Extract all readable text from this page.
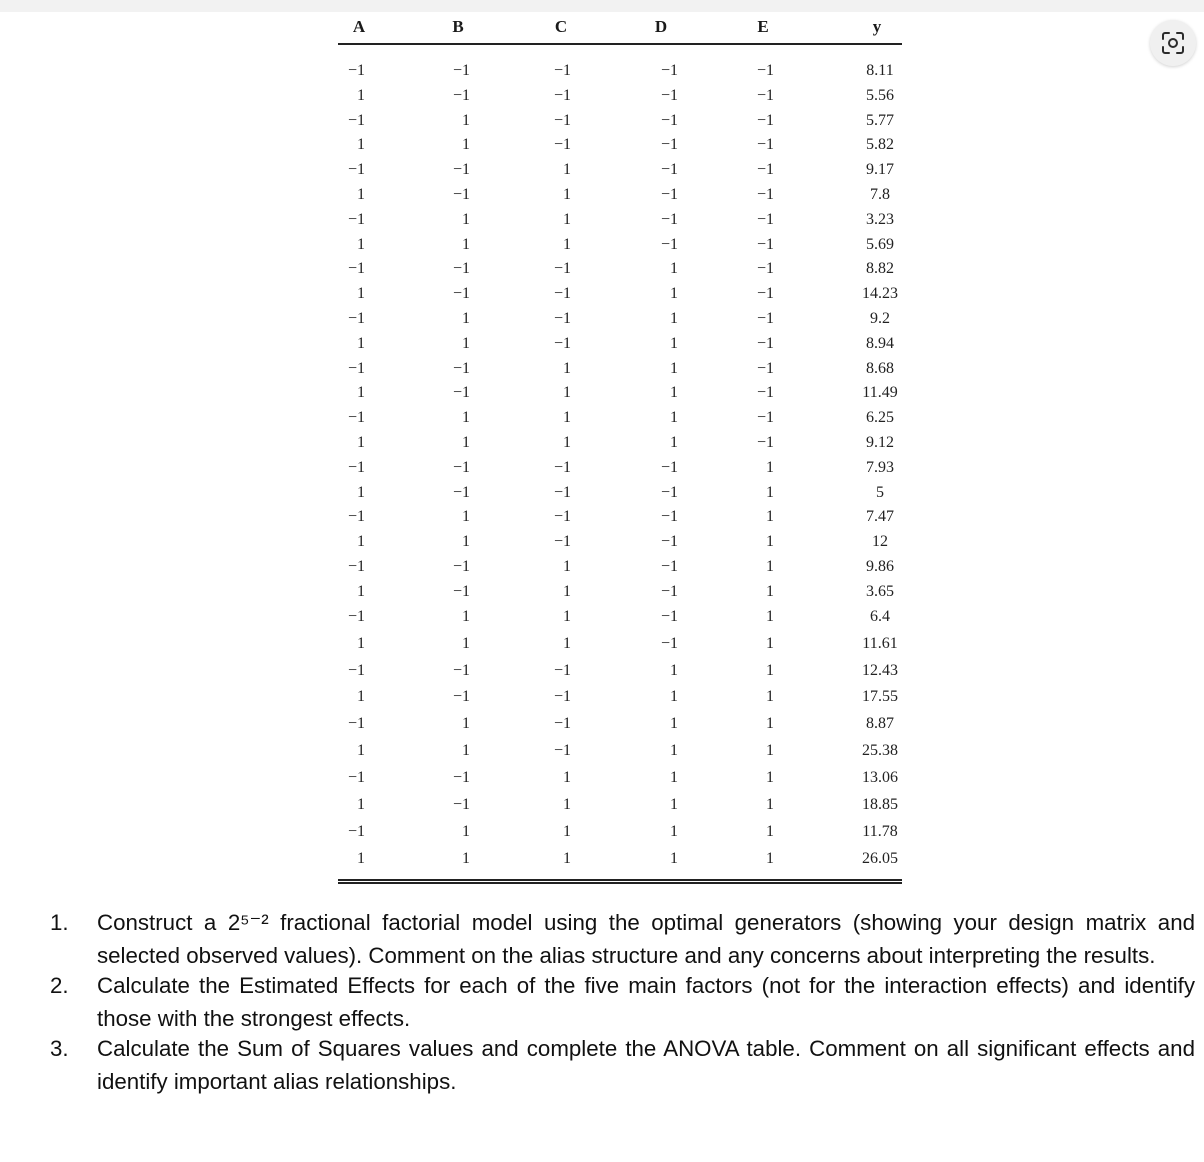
A	B	C	D	E	y
−1	−1	−1	−1	−1	8.11
1	−1	−1	−1	−1	5.56
−1	1	−1	−1	−1	5.77
1	1	−1	−1	−1	5.82
−1	−1	1	−1	−1	9.17
1	−1	1	−1	−1	7.8
−1	1	1	−1	−1	3.23
1	1	1	−1	−1	5.69
−1	−1	−1	1	−1	8.82
1	−1	−1	1	−1	14.23
−1	1	−1	1	−1	9.2
1	1	−1	1	−1	8.94
−1	−1	1	1	−1	8.68
1	−1	1	1	−1	11.49
−1	1	1	1	−1	6.25
1	1	1	1	−1	9.12
−1	−1	−1	−1	1	7.93
1	−1	−1	−1	1	5
−1	1	−1	−1	1	7.47
1	1	−1	−1	1	12
−1	−1	1	−1	1	9.86
1	−1	1	−1	1	3.65
−1	1	1	−1	1	6.4
1	1	1	−1	1	11.61
−1	−1	−1	1	1	12.43
1	−1	−1	1	1	17.55
−1	1	−1	1	1	8.87
1	1	−1	1	1	25.38
−1	−1	1	1	1	13.06
1	−1	1	1	1	18.85
−1	1	1	1	1	11.78
1	1	1	1	1	26.05
1. Construct a 2⁵⁻² fractional factorial model using the optimal generators (showing your design matrix and selected observed values). Comment on the alias structure and any concerns about interpreting the results.
2. Calculate the Estimated Effects for each of the five main factors (not for the interaction effects) and identify those with the strongest effects.
3. Calculate the Sum of Squares values and complete the ANOVA table. Comment on all significant effects and identify important alias relationships.
